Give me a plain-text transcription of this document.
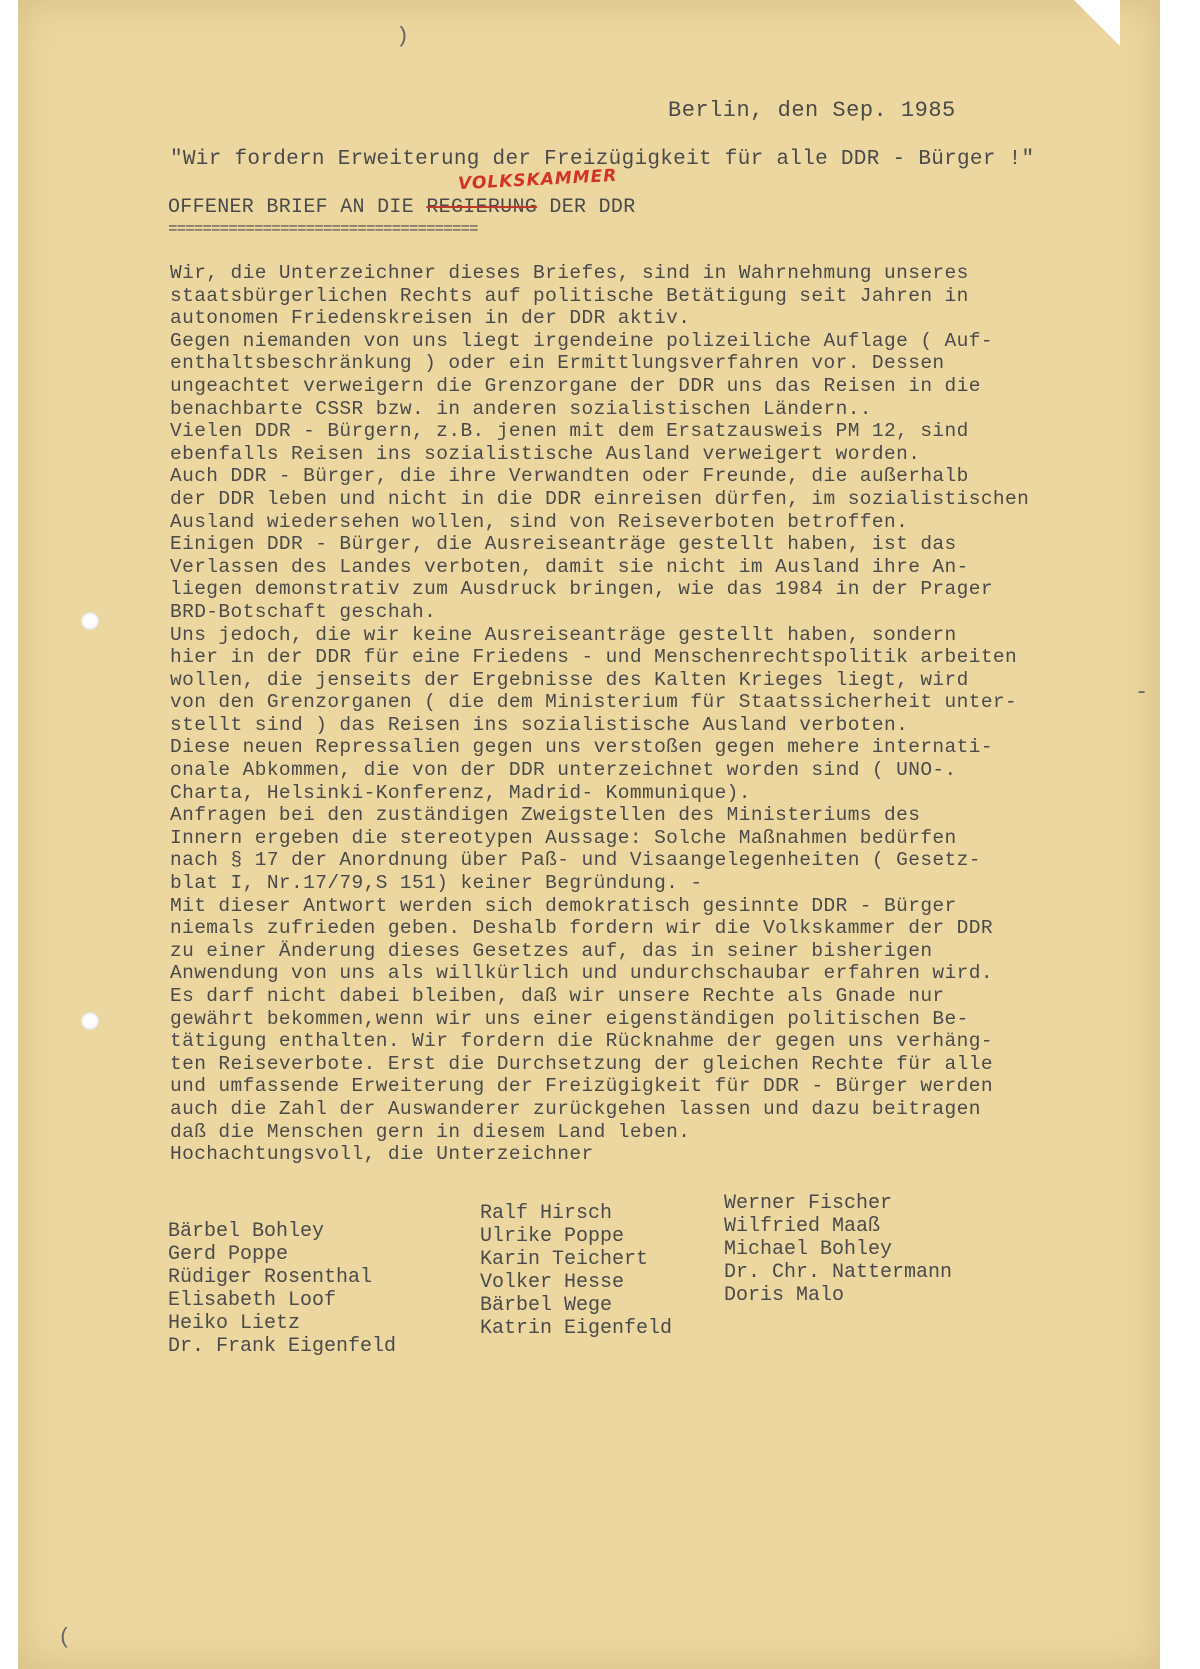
)
-
(
Berlin, den Sep. 1985
"Wir fordern Erweiterung der Freizügigkeit für alle DDR - Bürger !"
VOLKSKAMMER
OFFENER BRIEF AN DIE REGIERUNG DER DDR
====================================
Wir, die Unterzeichner dieses Briefes, sind in Wahrnehmung unseres
staatsbürgerlichen Rechts auf politische Betätigung seit Jahren in
autonomen Friedenskreisen in der DDR aktiv.
Gegen niemanden von uns liegt irgendeine polizeiliche Auflage ( Auf-
enthaltsbeschränkung ) oder ein Ermittlungsverfahren vor. Dessen
ungeachtet verweigern die Grenzorgane der DDR uns das Reisen in die
benachbarte CSSR bzw. in anderen sozialistischen Ländern..
Vielen DDR - Bürgern, z.B. jenen mit dem Ersatzausweis PM 12, sind
ebenfalls Reisen ins sozialistische Ausland verweigert worden.
Auch DDR - Bürger, die ihre Verwandten oder Freunde, die außerhalb
der DDR leben und nicht in die DDR einreisen dürfen, im sozialistischen
Ausland wiedersehen wollen, sind von Reiseverboten betroffen.
Einigen DDR - Bürger, die Ausreiseanträge gestellt haben, ist das
Verlassen des Landes verboten, damit sie nicht im Ausland ihre An-
liegen demonstrativ zum Ausdruck bringen, wie das 1984 in der Prager
BRD-Botschaft geschah.
Uns jedoch, die wir keine Ausreiseanträge gestellt haben, sondern
hier in der DDR für eine Friedens - und Menschenrechtspolitik arbeiten
wollen, die jenseits der Ergebnisse des Kalten Krieges liegt, wird
von den Grenzorganen ( die dem Ministerium für Staatssicherheit unter-
stellt sind ) das Reisen ins sozialistische Ausland verboten.
Diese neuen Repressalien gegen uns verstoßen gegen mehere internati-
onale Abkommen, die von der DDR unterzeichnet worden sind ( UNO-.
Charta, Helsinki-Konferenz, Madrid- Kommunique).
Anfragen bei den zuständigen Zweigstellen des Ministeriums des
Innern ergeben die stereotypen Aussage: Solche Maßnahmen bedürfen
nach § 17 der Anordnung über Paß- und Visaangelegenheiten ( Gesetz-
blat I, Nr.17/79,S 151) keiner Begründung. -
Mit dieser Antwort werden sich demokratisch gesinnte DDR - Bürger
niemals zufrieden geben. Deshalb fordern wir die Volkskammer der DDR
zu einer Änderung dieses Gesetzes auf, das in seiner bisherigen
Anwendung von uns als willkürlich und undurchschaubar erfahren wird.
Es darf nicht dabei bleiben, daß wir unsere Rechte als Gnade nur
gewährt bekommen,wenn wir uns einer eigenständigen politischen Be-
tätigung enthalten. Wir fordern die Rücknahme der gegen uns verhäng-
ten Reiseverbote. Erst die Durchsetzung der gleichen Rechte für alle
und umfassende Erweiterung der Freizügigkeit für DDR - Bürger werden
auch die Zahl der Auswanderer zurückgehen lassen und dazu beitragen
daß die Menschen gern in diesem Land leben.
Hochachtungsvoll, die Unterzeichner
Bärbel Bohley
Gerd Poppe
Rüdiger Rosenthal
Elisabeth Loof
Heiko Lietz
Dr. Frank Eigenfeld
Ralf Hirsch
Ulrike Poppe
Karin Teichert
Volker Hesse
Bärbel Wege
Katrin Eigenfeld
Werner Fischer
Wilfried Maaß
Michael Bohley
Dr. Chr. Nattermann
Doris Malo
